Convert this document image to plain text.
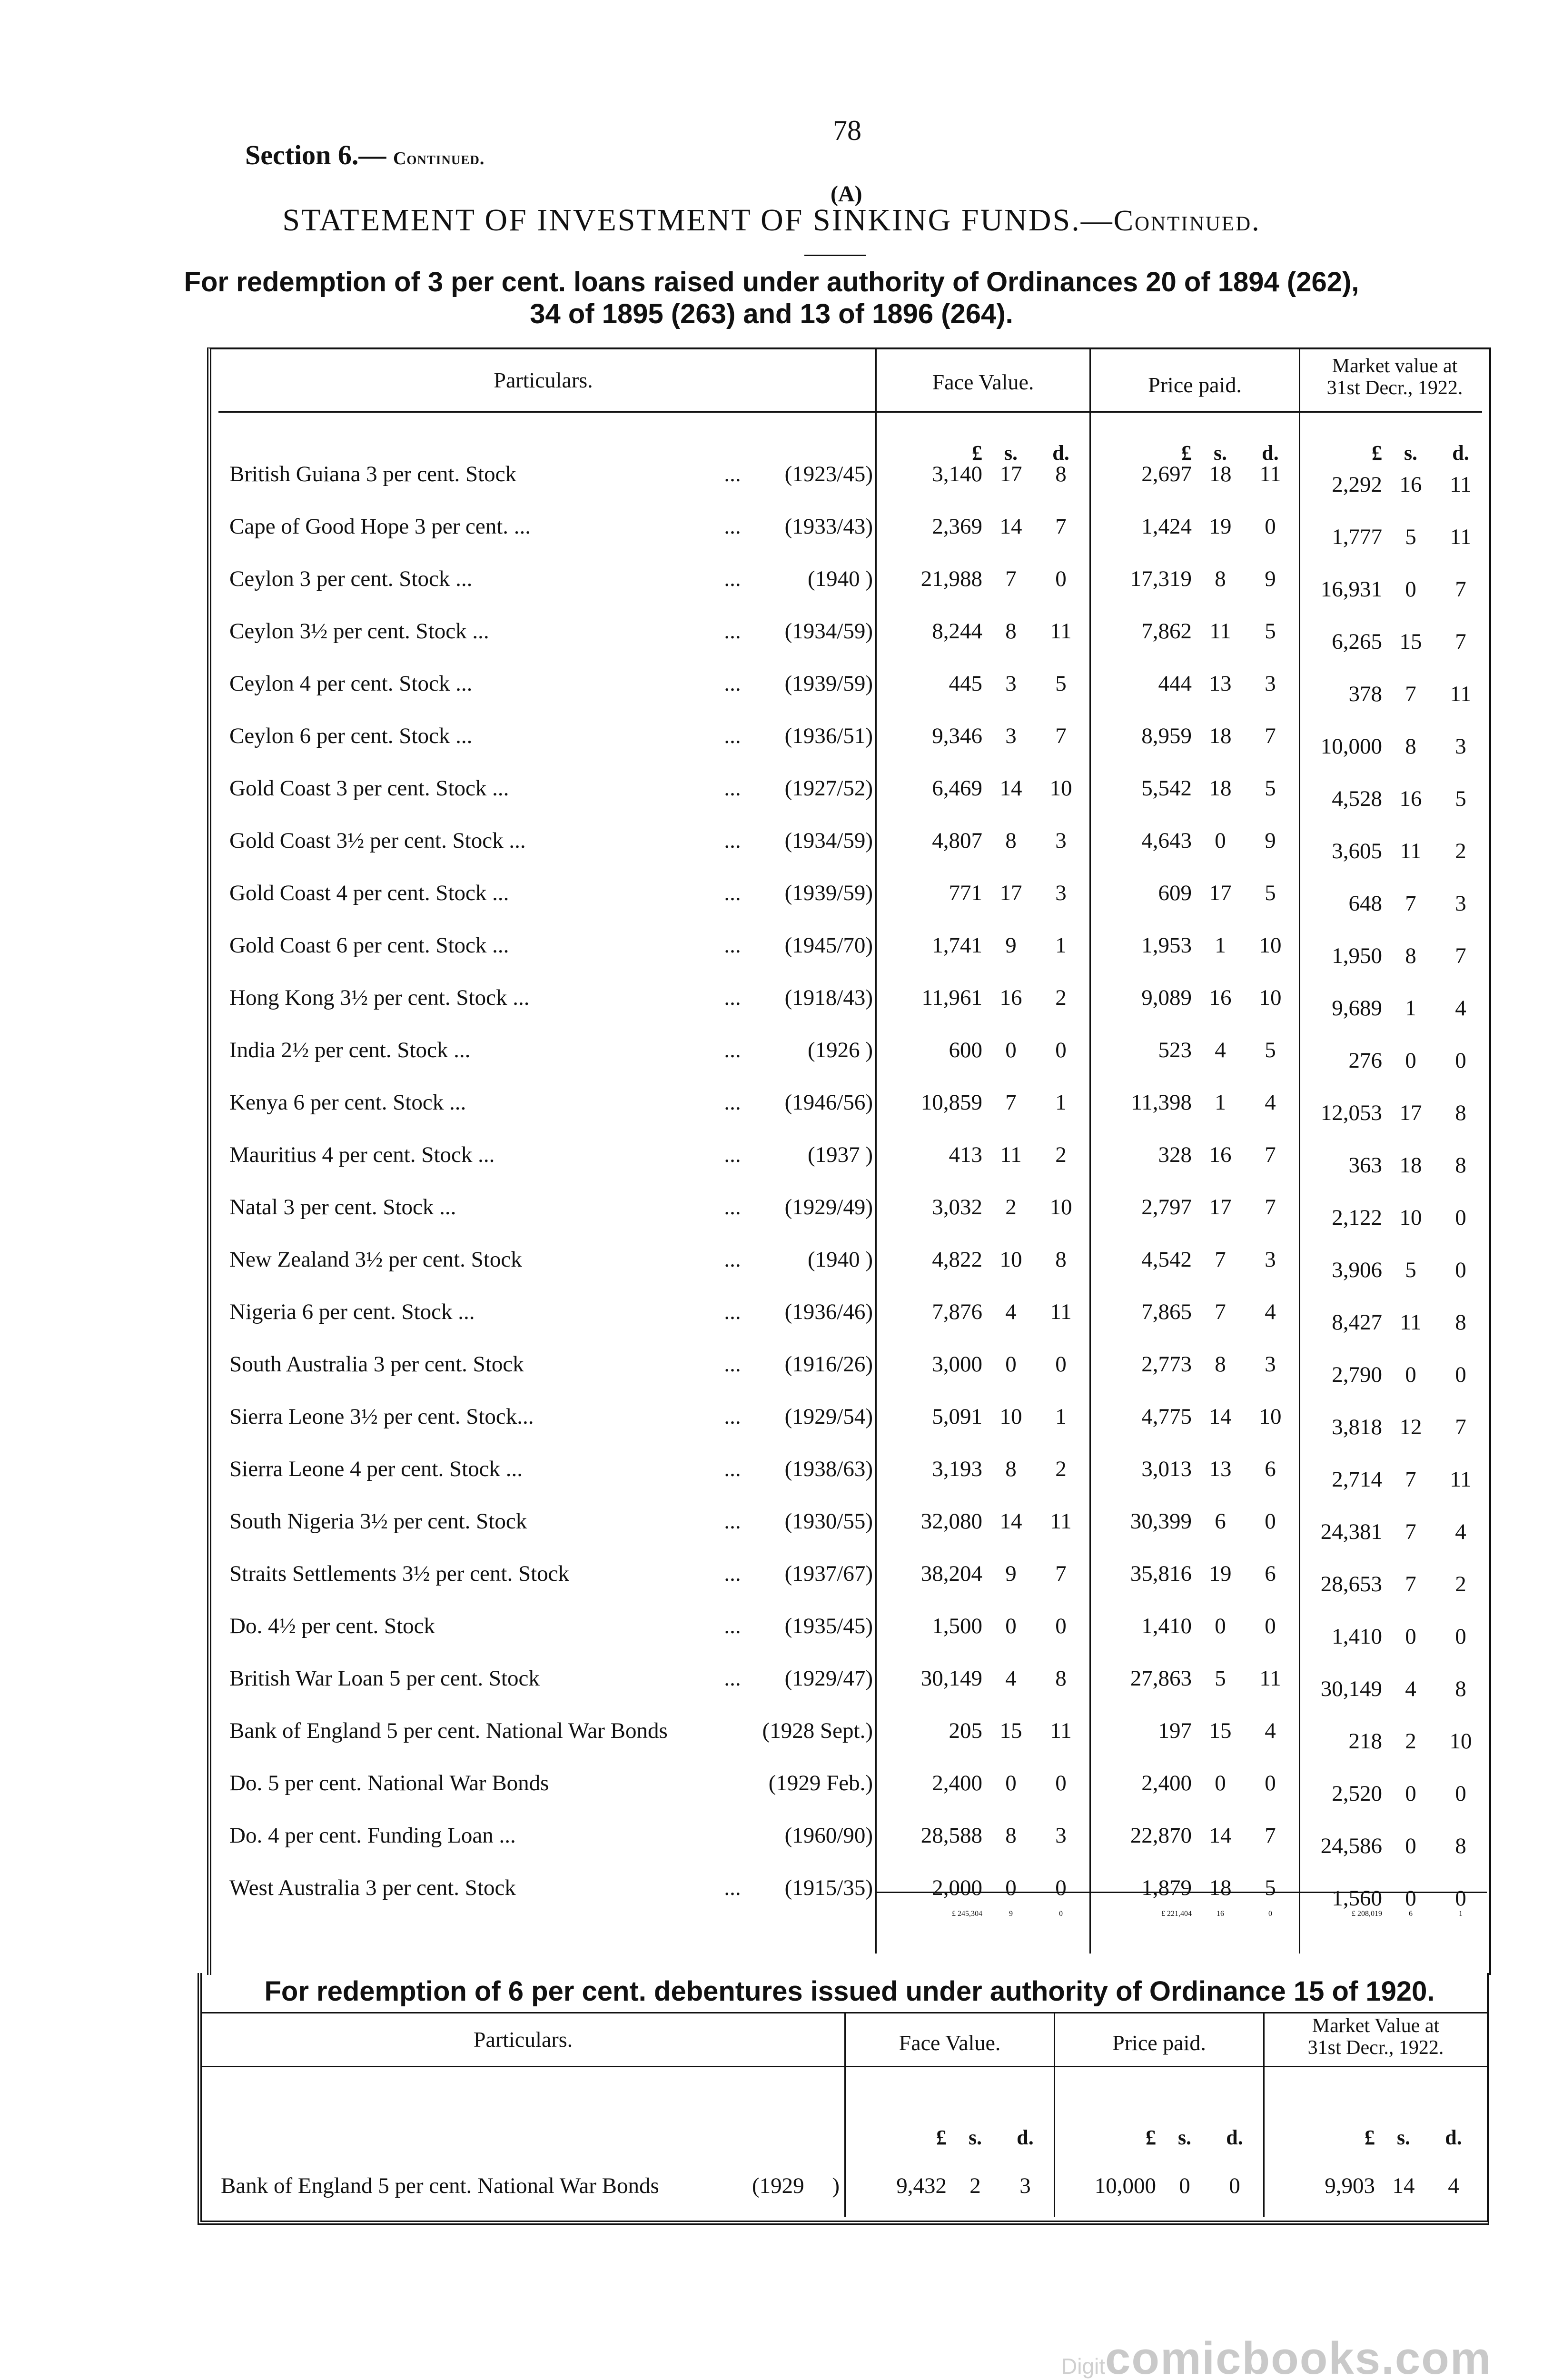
Section 6.— Continued.
78
(A)
STATEMENT OF INVESTMENT OF SINKING FUNDS.—Continued.
For redemption of 3 per cent. loans raised under authority of Ordinances 20 of 1894 (262),
34 of 1895 (263) and 13 of 1896 (264).
Particulars.	Face Value.	Price paid.
Market value at
31st Decr., 1922.
£	s.	d.	£	s.	d.	£	s.	d.
British Guiana 3 per cent. Stock	...	(1923/45)	3,140 17	8	2,697 18	11	2,292 16	11
Cape of Good Hope 3 per cent. ...	...	(1933/43)	2,369 14	7	1,424 19	0	1,777	5	11
Ceylon 3 per cent. Stock ...	...	(1940 ) 21,988	7	0	17,319	8	9	16,931	0	7
Ceylon 3½ per cent. Stock ...	...	(1934/59)	8,244	8	11	7,862 11	5	6,265 15	7
Ceylon 4 per cent. Stock ...	...	(1939/59)	445	3	5	444 13	3	378	7	11
Ceylon 6 per cent. Stock ...	...	(1936/51)	9,346	3	7	8,959 18	7	10,000	8	3
Gold Coast 3 per cent. Stock ...	...	(1927/52)	6,469 14	10	5,542 18	5	4,528 16	5
Gold Coast 3½ per cent. Stock ...	...	(1934/59)	4,807	8	3	4,643	0	9	3,605 11	2
Gold Coast 4 per cent. Stock ...	...	(1939/59)	771 17	3	609 17	5	648	7	3
Gold Coast 6 per cent. Stock ...	...	(1945/70)	1,741	9	1	1,953	1	10	1,950	8	7
Hong Kong 3½ per cent. Stock ...	...	(1918/43) 11,961 16	2	9,089 16	10	9,689	1	4
India 2½ per cent. Stock ...	...	(1926 )	600	0	0	523	4	5	276	0	0
Kenya 6 per cent. Stock ...	...	(1946/56) 10,859	7	1	11,398	1	4	12,053 17	8
Mauritius 4 per cent. Stock ...	...	(1937 )	413 11	2	328 16	7	363 18	8
Natal 3 per cent. Stock ...	...	(1929/49)	3,032	2	10	2,797 17	7	2,122 10	0
New Zealand 3½ per cent. Stock	...	(1940 )	4,822 10	8	4,542	7	3	3,906	5	0
Nigeria 6 per cent. Stock ...	...	(1936/46)	7,876	4	11	7,865	7	4	8,427 11	8
South Australia 3 per cent. Stock	...	(1916/26)	3,000	0	0	2,773	8	3	2,790	0	0
Sierra Leone 3½ per cent. Stock...	...	(1929/54)	5,091 10	1	4,775 14	10	3,818 12	7
Sierra Leone 4 per cent. Stock ...	...	(1938/63)	3,193	8	2	3,013 13	6	2,714	7	11
South Nigeria 3½ per cent. Stock	...	(1930/55) 32,080 14	11	30,399	6	0	24,381	7	4
Straits Settlements 3½ per cent. Stock	...	(1937/67) 38,204	9	7	35,816 19	6	28,653	7	2
Do. 4½ per cent. Stock	...	(1935/45)	1,500	0	0	1,410	0	0	1,410	0	0
British War Loan 5 per cent. Stock	...	(1929/47) 30,149	4	8	27,863	5	11	30,149	4	8
Bank of England 5 per cent. National War Bonds	(1928 Sept.)	205 15	11	197 15	4	218	2	10
Do. 5 per cent. National War Bonds	(1929 Feb.)	2,400	0	0	2,400	0	0	2,520	0	0
Do. 4 per cent. Funding Loan ...	(1960/90) 28,588	8	3	22,870 14	7	24,586	0	8
West Australia 3 per cent. Stock	...	(1915/35)	2,000	0	0	1,879 18	5	1,560	0	0
£ 245,304	9	0	£ 221,404	16	0	£ 208,019	6	1
For redemption of 6 per cent. debentures issued under authority of Ordinance 15 of 1920.
Particulars.	Face Value.	Price paid.
Market Value at
31st Decr., 1922.
£	s.	d.	£	s.	d.	£	s.	d.
Bank of England 5 per cent. National War Bonds	(1929     )	9,432	2	3	10,000	0	0	9,903 14	4
Digitcomicbooks.com
